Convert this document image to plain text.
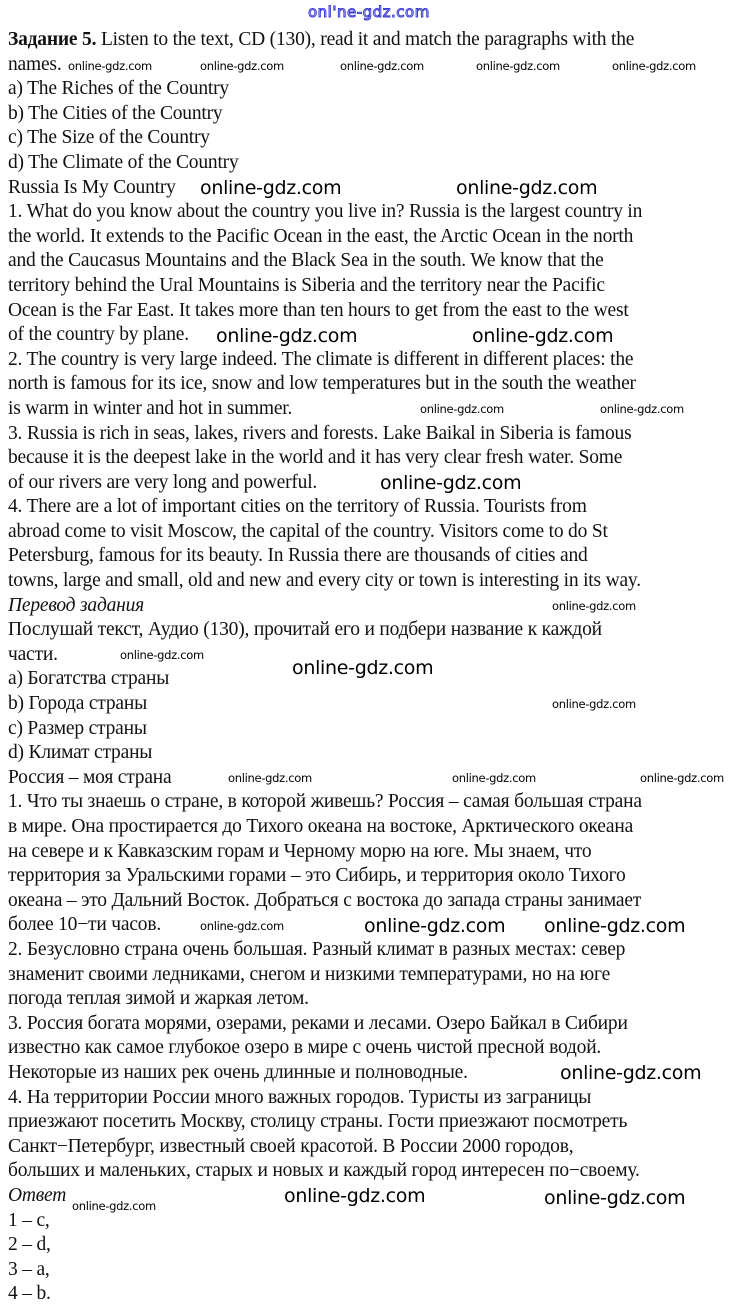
Задание 5. Listen to the text, CD (130), read it and match the paragraphs with the
names.
a) The Riches of the Country
b) The Cities of the Country
c) The Size of the Country
d) The Climate of the Country
Russia Is My Country
1. What do you know about the country you live in? Russia is the largest country in
the world. It extends to the Pacific Ocean in the east, the Arctic Ocean in the north
and the Caucasus Mountains and the Black Sea in the south. We know that the
territory behind the Ural Mountains is Siberia and the territory near the Pacific
Ocean is the Far East. It takes more than ten hours to get from the east to the west
of the country by plane.
2. The country is very large indeed. The climate is different in different places: the
north is famous for its ice, snow and low temperatures but in the south the weather
is warm in winter and hot in summer.
3. Russia is rich in seas, lakes, rivers and forests. Lake Baikal in Siberia is famous
because it is the deepest lake in the world and it has very clear fresh water. Some
of our rivers are very long and powerful.
4. There are a lot of important cities on the territory of Russia. Tourists from
abroad come to visit Moscow, the capital of the country. Visitors come to do St
Petersburg, famous for its beauty. In Russia there are thousands of cities and
towns, large and small, old and new and every city or town is interesting in its way.
Перевод задания
Послушай текст, Аудио (130), прочитай его и подбери название к каждой
части.
a) Богатства страны
b) Города страны
c) Размер страны
d) Климат страны
Россия – моя страна
1. Что ты знаешь о стране, в которой живешь? Россия – самая большая страна
в мире. Она простирается до Тихого океана на востоке, Арктического океана
на севере и к Кавказским горам и Черному морю на юге. Мы знаем, что
территория за Уральскими горами – это Сибирь, и территория около Тихого
океана – это Дальний Восток. Добраться с востока до запада страны занимает
более 10−ти часов.
2. Безусловно страна очень большая. Разный климат в разных местах: север
знаменит своими ледниками, снегом и низкими температурами, но на юге
погода теплая зимой и жаркая летом.
3. Россия богата морями, озерами, реками и лесами. Озеро Байкал в Сибири
известно как самое глубокое озеро в мире с очень чистой пресной водой.
Некоторые из наших рек очень длинные и полноводные.
4. На территории России много важных городов. Туристы из заграницы
приезжают посетить Москву, столицу страны. Гости приезжают посмотреть
Санкт−Петербург, известный своей красотой. В России 2000 городов,
больших и маленьких, старых и новых и каждый город интересен по−своему.
Ответ
1 – c,
2 – d,
3 – a,
4 – b.
onl'ne-gdz.com
online-gdz.com	online-gdz.com	online-gdz.com	online-gdz.com	online-gdz.com
online-gdz.com	online-gdz.com
online-gdz.com	online-gdz.com
online-gdz.com	online-gdz.com
online-gdz.com
online-gdz.com
online-gdz.com
online-gdz.com
online-gdz.com
online-gdz.com	online-gdz.com	online-gdz.com
online-gdz.com online-gdz.com
online-gdz.com
online-gdz.com
online-gdz.com	online-gdz.com
online-gdz.com
